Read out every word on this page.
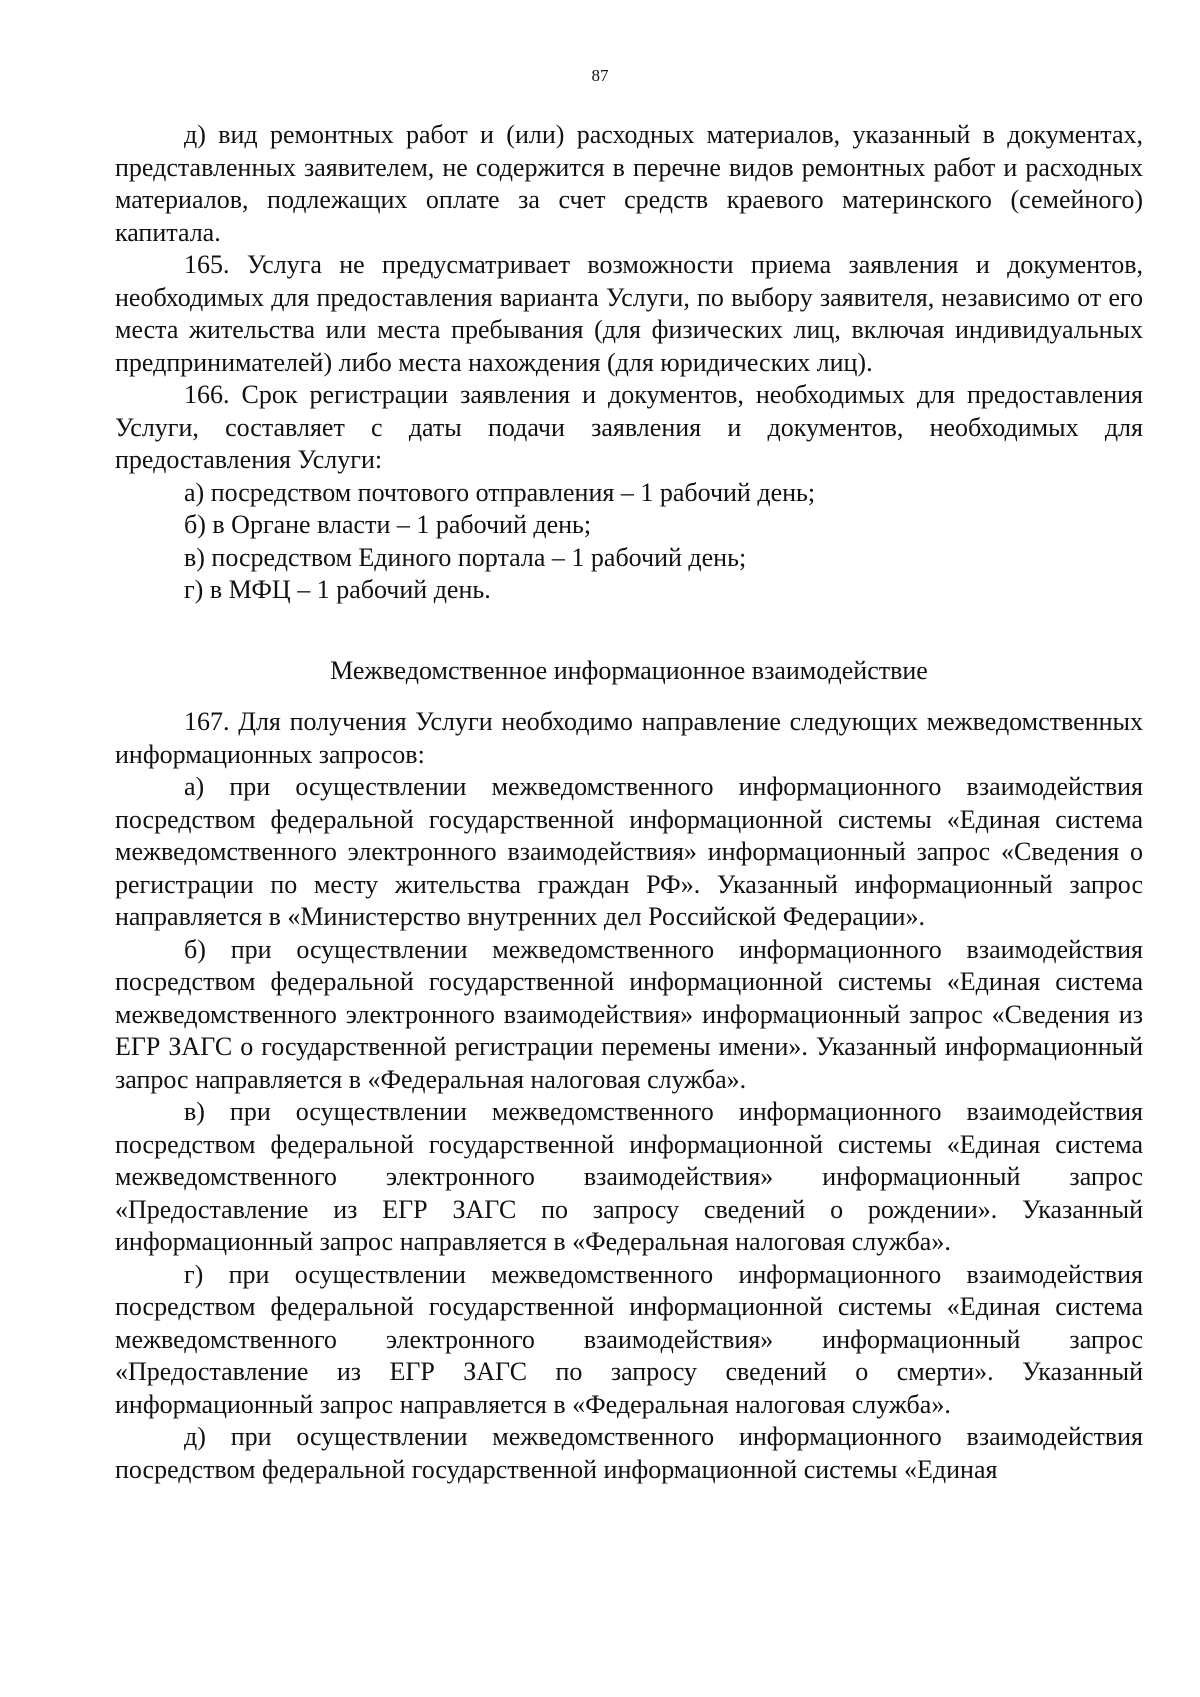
87

д) вид ремонтных работ и (или) расходных материалов, указанный в документах, представленных заявителем, не содержится в перечне видов ремонтных работ и расходных материалов, подлежащих оплате за счет средств краевого материнского (семейного) капитала.

165. Услуга не предусматривает возможности приема заявления и документов, необходимых для предоставления варианта Услуги, по выбору заявителя, независимо от его места жительства или места пребывания (для физических лиц, включая индивидуальных предпринимателей) либо места нахождения (для юридических лиц).

166. Срок регистрации заявления и документов, необходимых для предоставления Услуги, составляет с даты подачи заявления и документов, необходимых для предоставления Услуги:

а) посредством почтового отправления – 1 рабочий день;

б) в Органе власти – 1 рабочий день;

в) посредством Единого портала – 1 рабочий день;

г) в МФЦ – 1 рабочий день.

Межведомственное информационное взаимодействие

167. Для получения Услуги необходимо направление следующих межведомственных информационных запросов:

а) при осуществлении межведомственного информационного взаимодействия посредством федеральной государственной информационной системы «Единая система межведомственного электронного взаимодействия» информационный запрос «Сведения о регистрации по месту жительства граждан РФ». Указанный информационный запрос направляется в «Министерство внутренних дел Российской Федерации».

б) при осуществлении межведомственного информационного взаимодействия посредством федеральной государственной информационной системы «Единая система межведомственного электронного взаимодействия» информационный запрос «Сведения из ЕГР ЗАГС о государственной регистрации перемены имени». Указанный информационный запрос направляется в «Федеральная налоговая служба».

в) при осуществлении межведомственного информационного взаимодействия посредством федеральной государственной информационной системы «Единая система межведомственного электронного взаимодействия» информационный запрос «Предоставление из ЕГР ЗАГС по запросу сведений о рождении». Указанный информационный запрос направляется в «Федеральная налоговая служба».

г) при осуществлении межведомственного информационного взаимодействия посредством федеральной государственной информационной системы «Единая система межведомственного электронного взаимодействия» информационный запрос «Предоставление из ЕГР ЗАГС по запросу сведений о смерти». Указанный информационный запрос направляется в «Федеральная налоговая служба».

д) при осуществлении межведомственного информационного взаимодействия посредством федеральной государственной информационной системы «Единая
